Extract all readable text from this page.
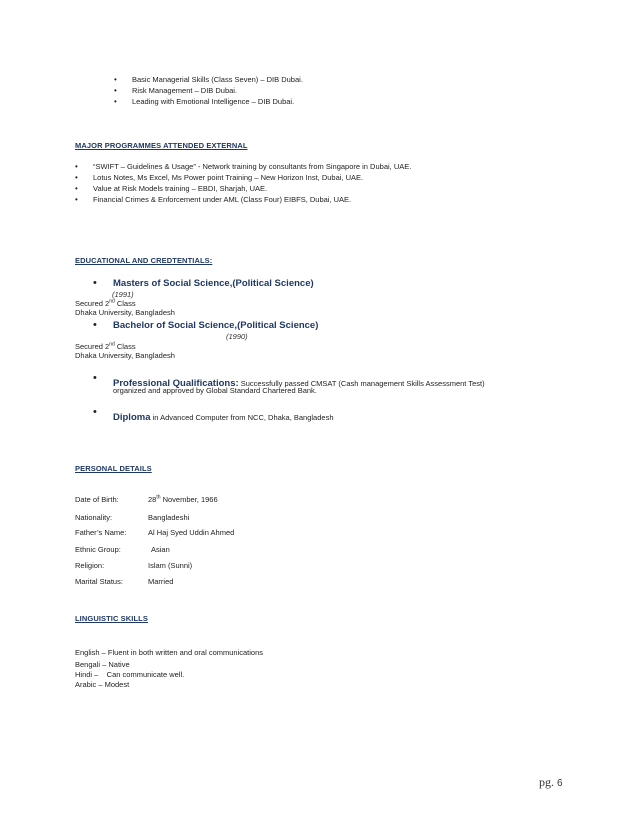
• Basic Managerial Skills (Class Seven) – DIB Dubai.
• Risk Management – DIB Dubai.
• Leading with Emotional Intelligence – DIB Dubai.
MAJOR PROGRAMMES ATTENDED EXTERNAL
• “SWIFT – Guidelines & Usage” - Network training by consultants from Singapore in Dubai, UAE.
• Lotus Notes, Ms Excel, Ms Power point Training – New Horizon Inst, Dubai, UAE.
• Value at Risk Models training – EBDI, Sharjah, UAE.
• Financial Crimes & Enforcement under AML (Class Four) EIBFS, Dubai, UAE.
EDUCATIONAL AND CREDTENTIALS:
• Masters of Social Science,(Political Science)
(1991)
Secured 2nd Class
Dhaka University, Bangladesh
• Bachelor of Social Science,(Political Science)
(1990)
Secured 2nd Class
Dhaka University, Bangladesh
• Professional Qualifications: Successfully passed CMSAT (Cash management Skills Assessment Test)
organized and approved by Global Standard Chartered Bank.
• Diploma in Advanced Computer from NCC, Dhaka, Bangladesh
PERSONAL DETAILS
Date of Birth:	28th November, 1966
Nationality:	Bangladeshi
Father’s Name:	Al Haj Syed Uddin Ahmed
Ethnic Group:	Asian
Religion:	Islam (Sunni)
Marital Status:	Married
LINGUISTIC SKILLS
English – Fluent in both written and oral communications
Bengali – Native
Hindi –    Can communicate well.
Arabic – Modest
pg. 6
